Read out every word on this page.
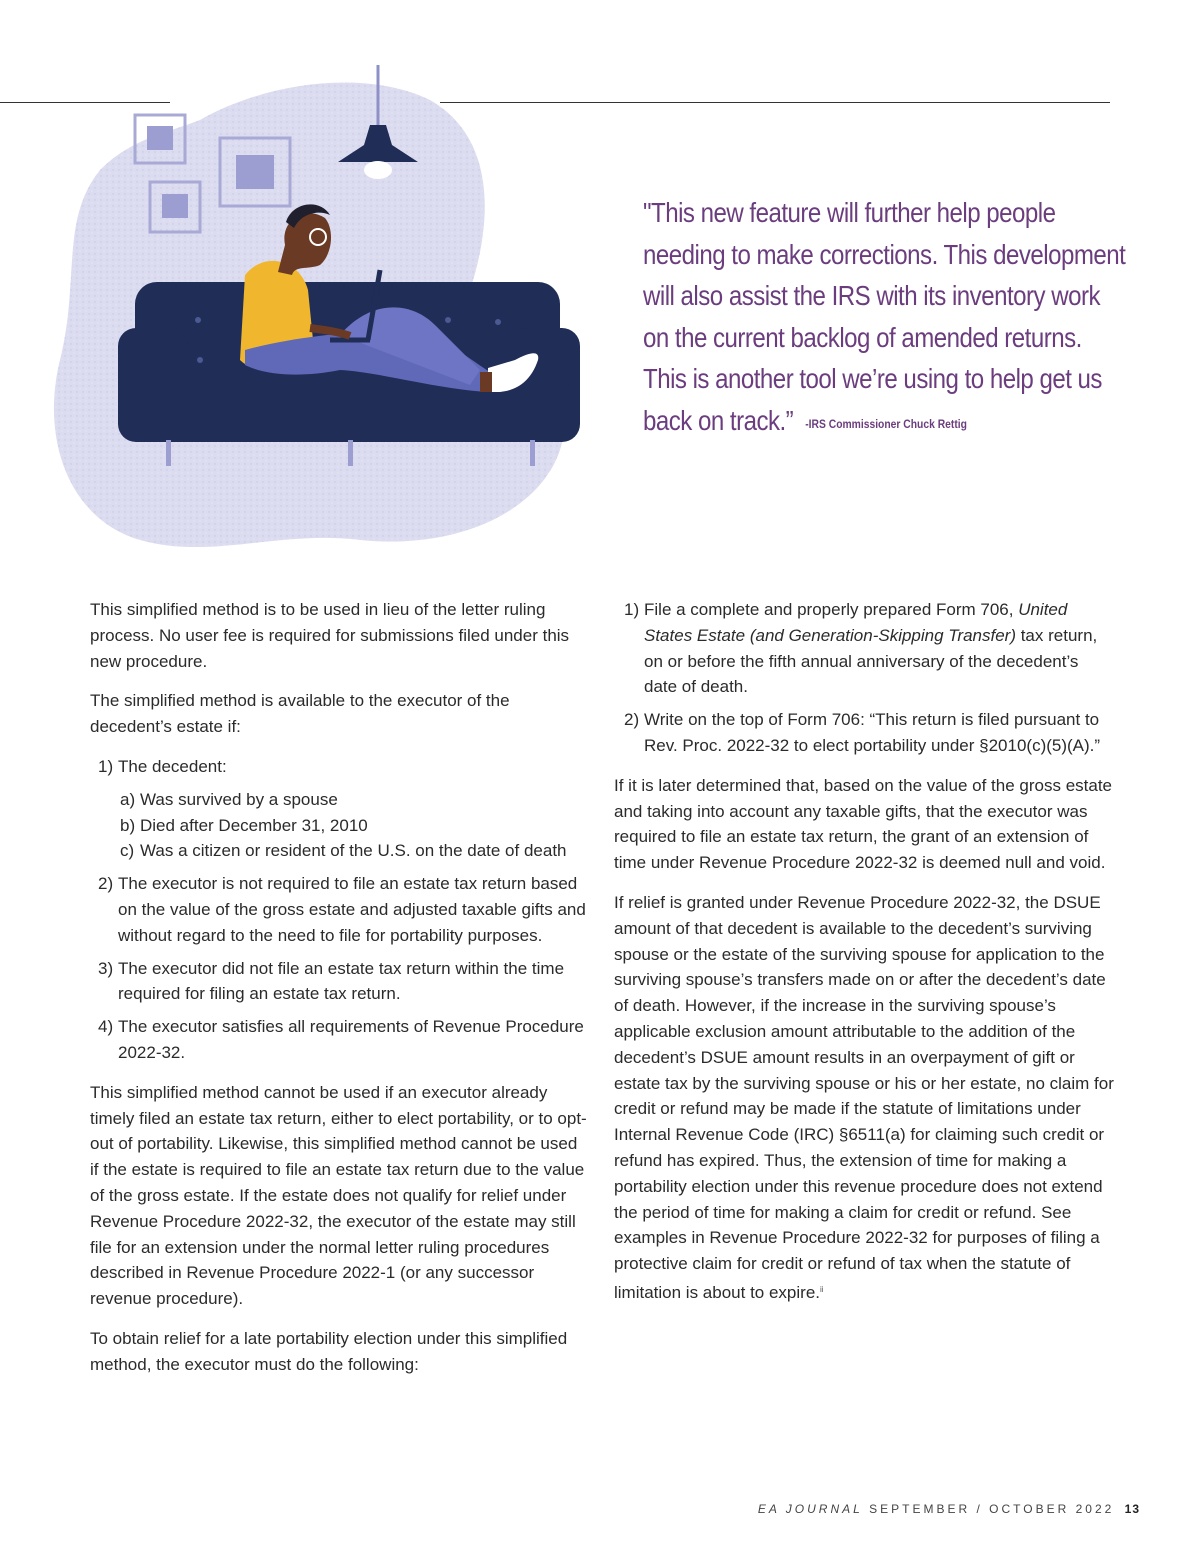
"This new feature will further help people
needing to make corrections. This development
will also assist the IRS with its inventory work
on the current backlog of amended returns.
This is another tool we’re using to help get us
back on track.” -IRS Commissioner Chuck Rettig

This simplified method is to be used in lieu of the letter ruling process. No user fee is required for submissions filed under this new procedure.

The simplified method is available to the executor of the decedent’s estate if:

1) The decedent:
a) Was survived by a spouse
b) Died after December 31, 2010
c) Was a citizen or resident of the U.S. on the date of death
2) The executor is not required to file an estate tax return based on the value of the gross estate and adjusted taxable gifts and without regard to the need to file for portability purposes.
3) The executor did not file an estate tax return within the time required for filing an estate tax return.
4) The executor satisfies all requirements of Revenue Procedure 2022-32.

This simplified method cannot be used if an executor already timely filed an estate tax return, either to elect portability, or to opt-out of portability. Likewise, this simplified method cannot be used if the estate is required to file an estate tax return due to the value of the gross estate. If the estate does not qualify for relief under Revenue Procedure 2022-32, the executor of the estate may still file for an extension under the normal letter ruling procedures described in Revenue Procedure 2022-1 (or any successor revenue procedure).

To obtain relief for a late portability election under this simplified method, the executor must do the following:

1) File a complete and properly prepared Form 706, United States Estate (and Generation-Skipping Transfer) tax return, on or before the fifth annual anniversary of the decedent’s date of death.
2) Write on the top of Form 706: “This return is filed pursuant to Rev. Proc. 2022-32 to elect portability under §2010(c)(5)(A).”

If it is later determined that, based on the value of the gross estate and taking into account any taxable gifts, that the executor was required to file an estate tax return, the grant of an extension of time under Revenue Procedure 2022-32 is deemed null and void.

If relief is granted under Revenue Procedure 2022-32, the DSUE amount of that decedent is available to the decedent’s surviving spouse or the estate of the surviving spouse for application to the surviving spouse’s transfers made on or after the decedent’s date of death. However, if the increase in the surviving spouse’s applicable exclusion amount attributable to the addition of the decedent’s DSUE amount results in an overpayment of gift or estate tax by the surviving spouse or his or her estate, no claim for credit or refund may be made if the statute of limitations under Internal Revenue Code (IRC) §6511(a) for claiming such credit or refund has expired. Thus, the extension of time for making a portability election under this revenue procedure does not extend the period of time for making a claim for credit or refund. See examples in Revenue Procedure 2022-32 for purposes of filing a protective claim for credit or refund of tax when the statute of limitation is about to expire.$^{ii}$

EA JOURNAL SEPTEMBER / OCTOBER 2022 13
